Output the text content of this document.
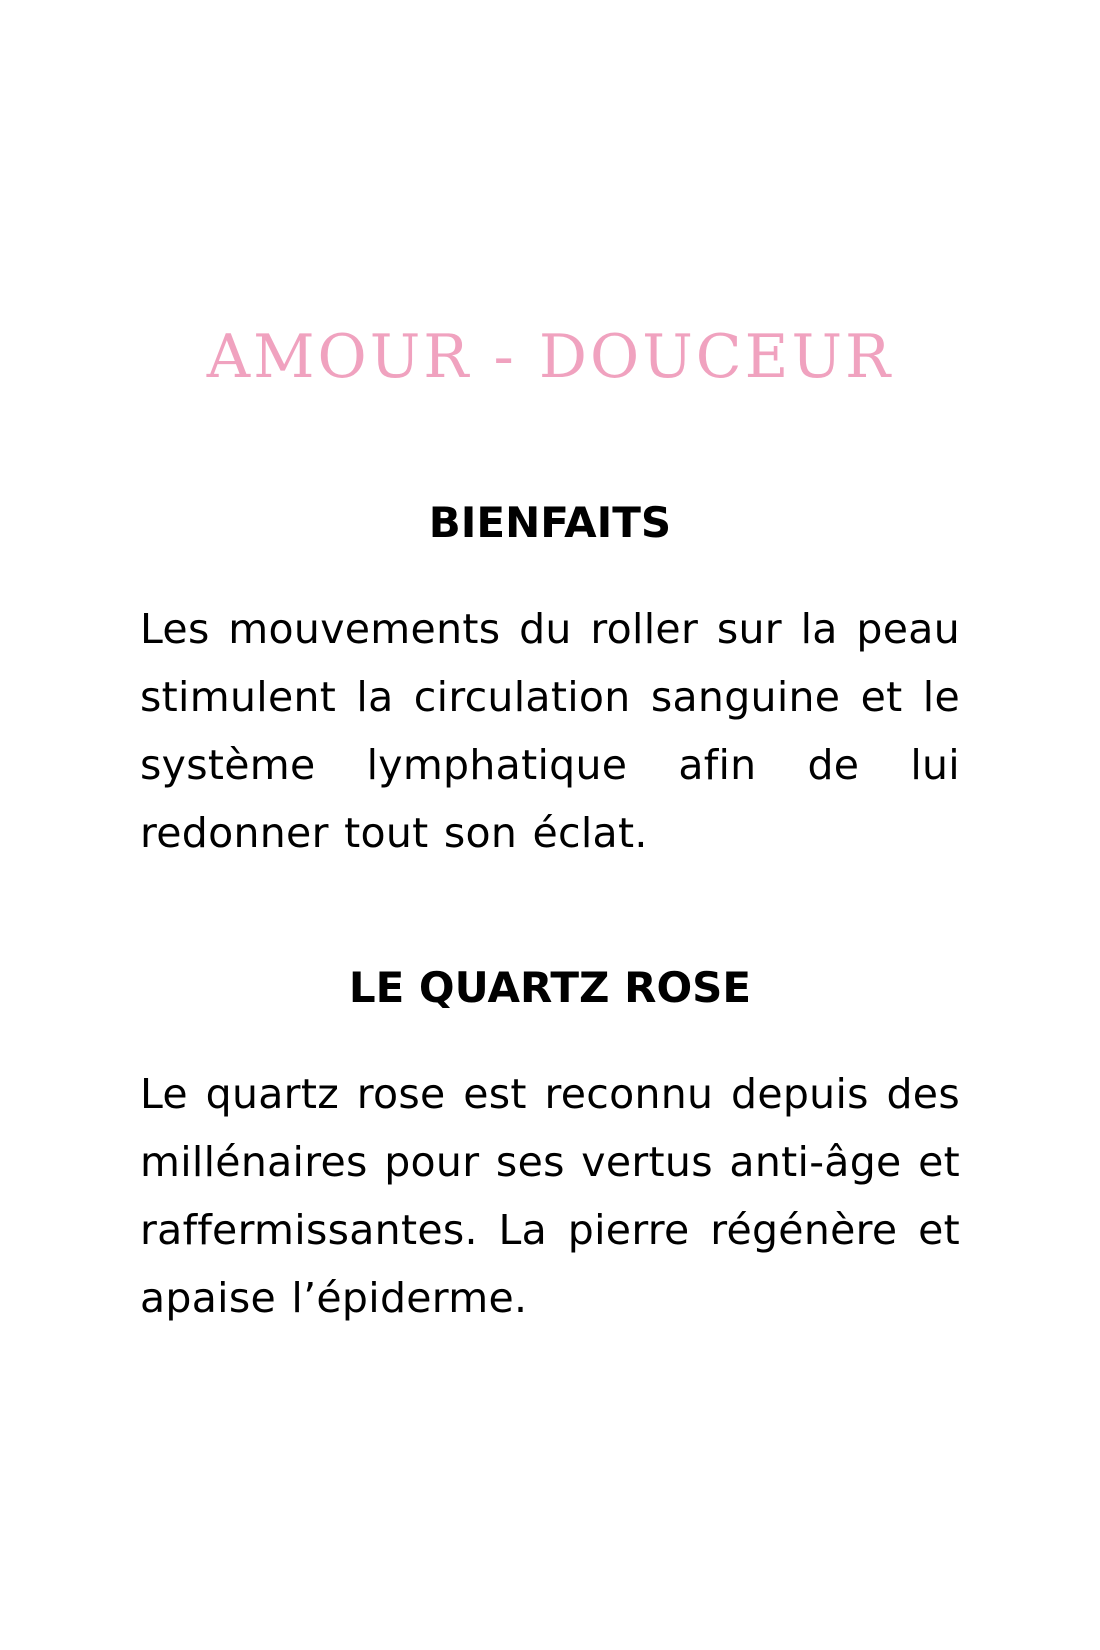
AMOUR - DOUCEUR
BIENFAITS

Les mouvements du roller sur la peau stimulent la circulation sanguine et le système lymphatique afin de lui redonner tout son éclat.

LE QUARTZ ROSE

Le quartz rose est reconnu depuis des millénaires pour ses vertus anti-âge et raffermissantes. La pierre régénère et apaise l’épiderme.
